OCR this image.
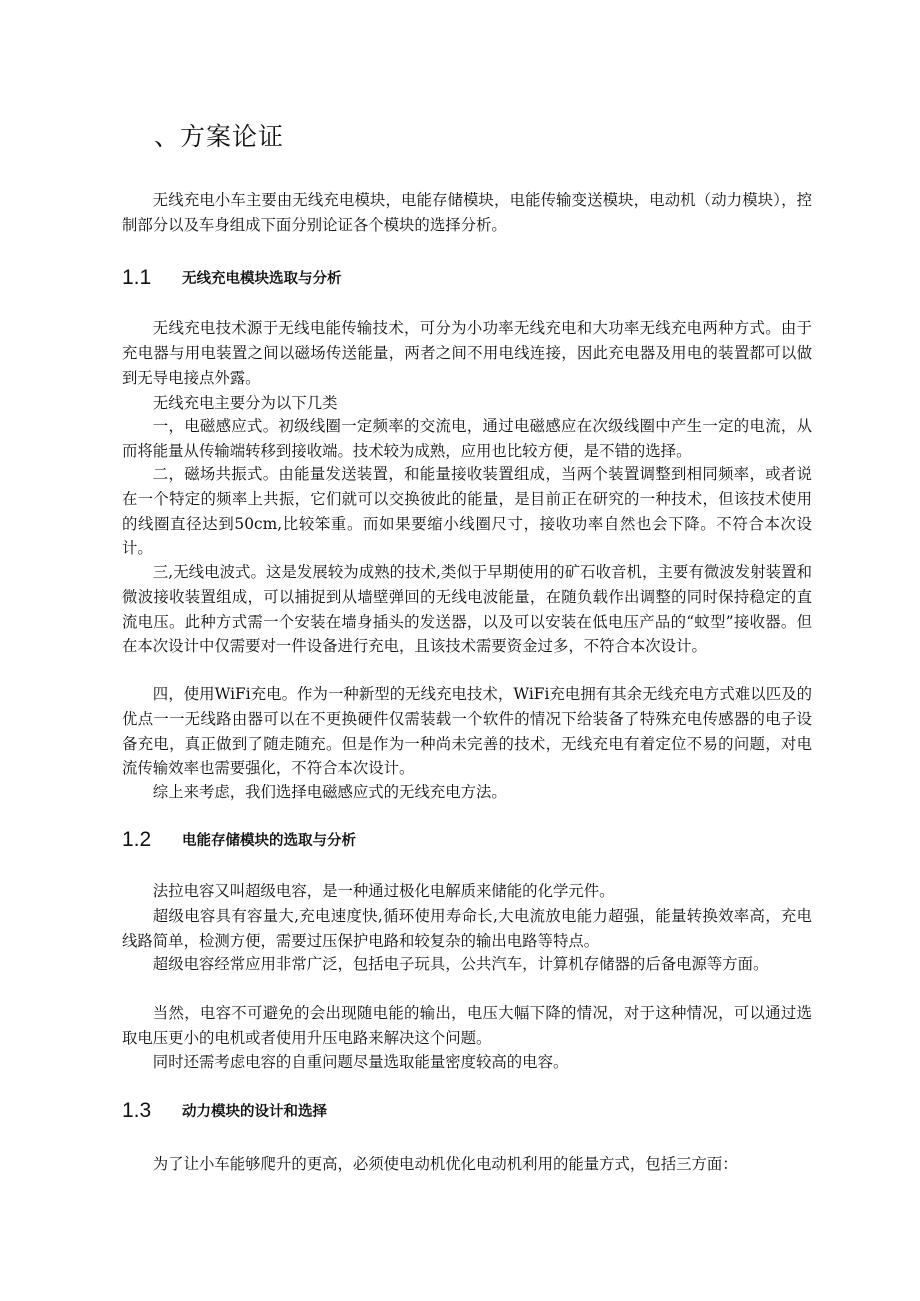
、方案论证

无线充电小车主要由无线充电模块，电能存储模块，电能传输变送模块，电动机（动力模块），控制部分以及车身组成下面分别论证各个模块的选择分析。

1.1 无线充电模块选取与分析

无线充电技术源于无线电能传输技术，可分为小功率无线充电和大功率无线充电两种方式。由于充电器与用电装置之间以磁场传送能量，两者之间不用电线连接，因此充电器及用电的装置都可以做到无导电接点外露。

无线充电主要分为以下几类

一，电磁感应式。初级线圈一定频率的交流电，通过电磁感应在次级线圈中产生一定的电流，从而将能量从传输端转移到接收端。技术较为成熟，应用也比较方便，是不错的选择。

二，磁场共振式。由能量发送装置，和能量接收装置组成，当两个装置调整到相同频率，或者说在一个特定的频率上共振，它们就可以交换彼此的能量，是目前正在研究的一种技术，但该技术使用的线圈直径达到50cm,比较笨重。而如果要缩小线圈尺寸，接收功率自然也会下降。不符合本次设计。

三,无线电波式。这是发展较为成熟的技术,类似于早期使用的矿石收音机，主要有微波发射装置和微波接收装置组成，可以捕捉到从墙壁弹回的无线电波能量，在随负载作出调整的同时保持稳定的直流电压。此种方式需一个安装在墙身插头的发送器，以及可以安装在低电压产品的“蚊型”接收器。但在本次设计中仅需要对一件设备进行充电，且该技术需要资金过多，不符合本次设计。

四，使用WiFi充电。作为一种新型的无线充电技术，WiFi充电拥有其余无线充电方式难以匹及的优点一一无线路由器可以在不更换硬件仅需装载一个软件的情况下给装备了特殊充电传感器的电子设备充电，真正做到了随走随充。但是作为一种尚未完善的技术，无线充电有着定位不易的问题，对电流传输效率也需要强化，不符合本次设计。

综上来考虑，我们选择电磁感应式的无线充电方法。

1.2 电能存储模块的选取与分析

法拉电容又叫超级电容，是一种通过极化电解质来储能的化学元件。

超级电容具有容量大,充电速度快,循环使用寿命长,大电流放电能力超强，能量转换效率高，充电线路简单，检测方便，需要过压保护电路和较复杂的输出电路等特点。

超级电容经常应用非常广泛，包括电子玩具，公共汽车，计算机存储器的后备电源等方面。

当然，电容不可避免的会出现随电能的输出，电压大幅下降的情况，对于这种情况，可以通过选取电压更小的电机或者使用升压电路来解决这个问题。

同时还需考虑电容的自重问题尽量选取能量密度较高的电容。

1.3 动力模块的设计和选择

为了让小车能够爬升的更高，必须使电动机优化电动机利用的能量方式，包括三方面：
